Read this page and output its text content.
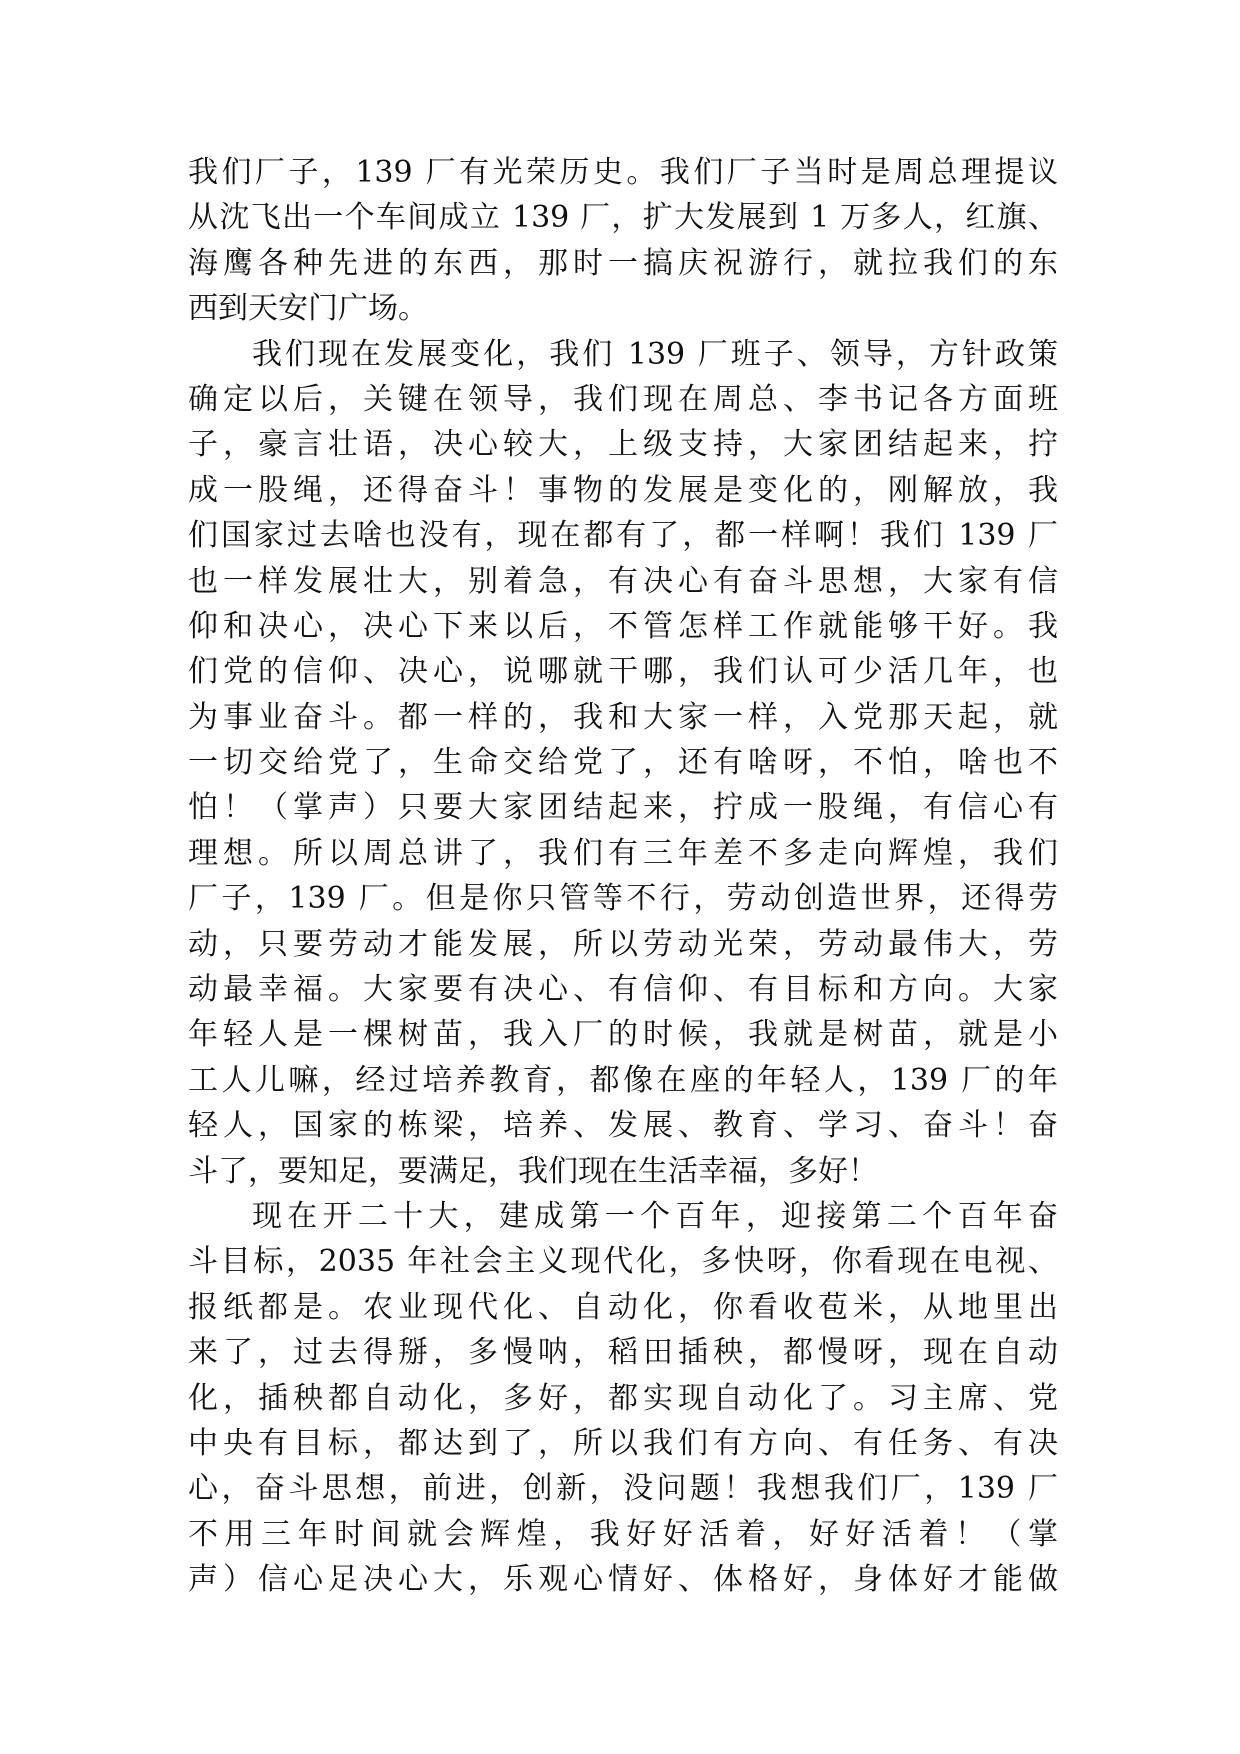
我们厂子，139 厂有光荣历史。我们厂子当时是周总理提议
从沈飞出一个车间成立 139 厂，扩大发展到 1 万多人，红旗、
海鹰各种先进的东西，那时一搞庆祝游行，就拉我们的东
西到天安门广场。
我们现在发展变化，我们 139 厂班子、领导，方针政策
确定以后，关键在领导，我们现在周总、李书记各方面班
子，豪言壮语，决心较大，上级支持，大家团结起来，拧
成一股绳，还得奋斗！事物的发展是变化的，刚解放，我
们国家过去啥也没有，现在都有了，都一样啊！我们 139 厂
也一样发展壮大，别着急，有决心有奋斗思想，大家有信
仰和决心，决心下来以后，不管怎样工作就能够干好。我
们党的信仰、决心，说哪就干哪，我们认可少活几年，也
为事业奋斗。都一样的，我和大家一样，入党那天起，就
一切交给党了，生命交给党了，还有啥呀，不怕，啥也不
怕！（掌声）只要大家团结起来，拧成一股绳，有信心有
理想。所以周总讲了，我们有三年差不多走向辉煌，我们
厂子，139 厂。但是你只管等不行，劳动创造世界，还得劳
动，只要劳动才能发展，所以劳动光荣，劳动最伟大，劳
动最幸福。大家要有决心、有信仰、有目标和方向。大家
年轻人是一棵树苗，我入厂的时候，我就是树苗，就是小
工人儿嘛，经过培养教育，都像在座的年轻人，139 厂的年
轻人，国家的栋梁，培养、发展、教育、学习、奋斗！奋
斗了，要知足，要满足，我们现在生活幸福，多好！
现在开二十大，建成第一个百年，迎接第二个百年奋
斗目标，2035 年社会主义现代化，多快呀，你看现在电视、
报纸都是。农业现代化、自动化，你看收苞米，从地里出
来了，过去得掰，多慢呐，稻田插秧，都慢呀，现在自动
化，插秧都自动化，多好，都实现自动化了。习主席、党
中央有目标，都达到了，所以我们有方向、有任务、有决
心，奋斗思想，前进，创新，没问题！我想我们厂，139 厂
不用三年时间就会辉煌，我好好活着，好好活着！（掌
声）信心足决心大，乐观心情好、体格好，身体好才能做
